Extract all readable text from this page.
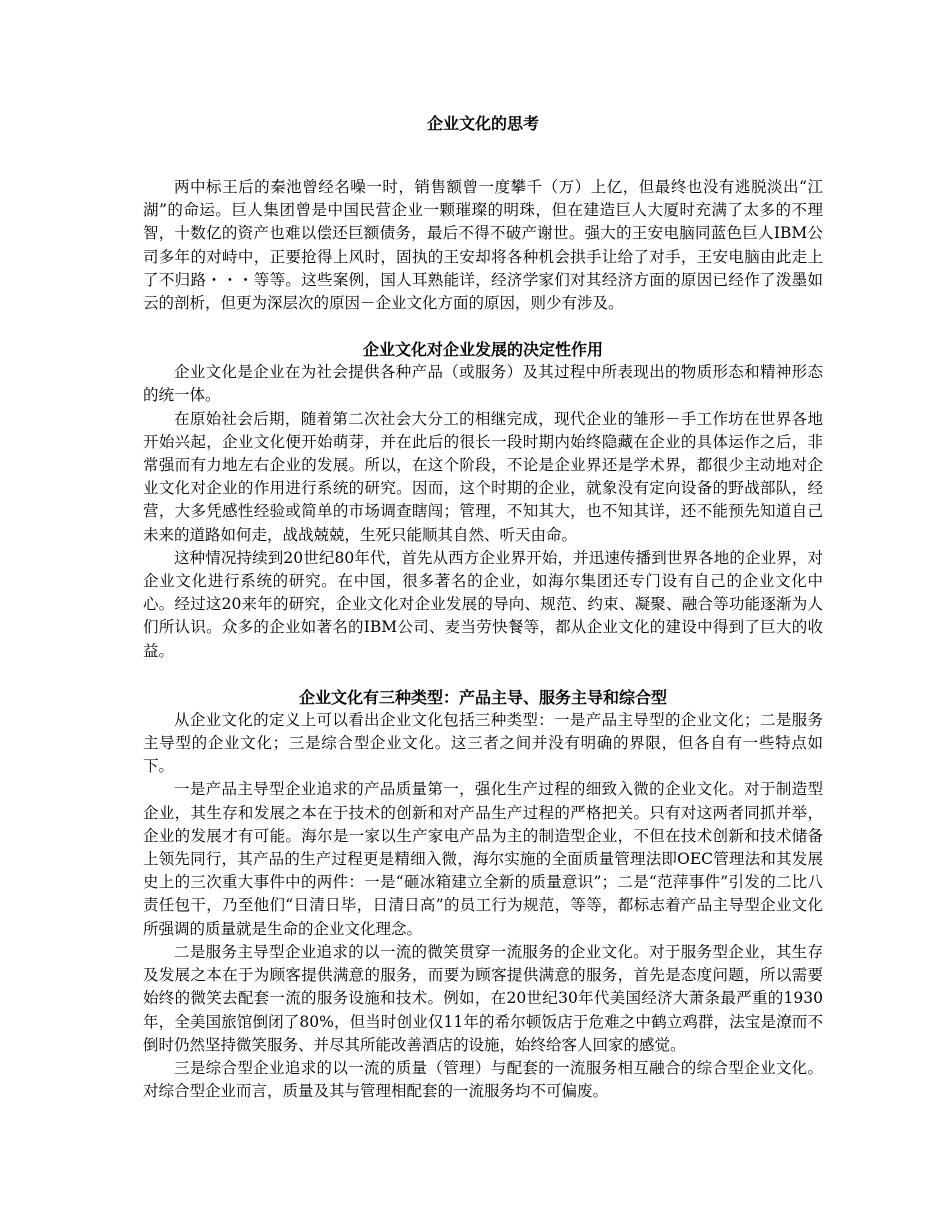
企业文化的思考

两中标王后的秦池曾经名噪一时，销售额曾一度攀千（万）上亿，但最终也没有逃脱淡出“江湖”的命运。巨人集团曾是中国民营企业一颗璀璨的明珠，但在建造巨人大厦时充满了太多的不理智，十数亿的资产也难以偿还巨额债务，最后不得不破产谢世。强大的王安电脑同蓝色巨人IBM公司多年的对峙中，正要抢得上风时，固执的王安却将各种机会拱手让给了对手，王安电脑由此走上了不归路・・・等等。这些案例，国人耳熟能详，经济学家们对其经济方面的原因已经作了泼墨如云的剖析，但更为深层次的原因－企业文化方面的原因，则少有涉及。

企业文化对企业发展的决定性作用

企业文化是企业在为社会提供各种产品（或服务）及其过程中所表现出的物质形态和精神形态的统一体。

在原始社会后期，随着第二次社会大分工的相继完成，现代企业的雏形－手工作坊在世界各地开始兴起，企业文化便开始萌芽，并在此后的很长一段时期内始终隐藏在企业的具体运作之后，非常强而有力地左右企业的发展。所以，在这个阶段，不论是企业界还是学术界，都很少主动地对企业文化对企业的作用进行系统的研究。因而，这个时期的企业，就象没有定向设备的野战部队，经营，大多凭感性经验或简单的市场调查瞎闯；管理，不知其大，也不知其详，还不能预先知道自己未来的道路如何走，战战兢兢，生死只能顺其自然、听天由命。

这种情况持续到20世纪80年代，首先从西方企业界开始，并迅速传播到世界各地的企业界，对企业文化进行系统的研究。在中国，很多著名的企业，如海尔集团还专门设有自己的企业文化中心。经过这20来年的研究，企业文化对企业发展的导向、规范、约束、凝聚、融合等功能逐渐为人们所认识。众多的企业如著名的IBM公司、麦当劳快餐等，都从企业文化的建设中得到了巨大的收益。

企业文化有三种类型：产品主导、服务主导和综合型

从企业文化的定义上可以看出企业文化包括三种类型：一是产品主导型的企业文化；二是服务主导型的企业文化；三是综合型企业文化。这三者之间并没有明确的界限，但各自有一些特点如下。

一是产品主导型企业追求的产品质量第一，强化生产过程的细致入微的企业文化。对于制造型企业，其生存和发展之本在于技术的创新和对产品生产过程的严格把关。只有对这两者同抓并举，企业的发展才有可能。海尔是一家以生产家电产品为主的制造型企业，不但在技术创新和技术储备上领先同行，其产品的生产过程更是精细入微，海尔实施的全面质量管理法即OEC管理法和其发展史上的三次重大事件中的两件：一是“砸冰箱建立全新的质量意识”；二是“范萍事件”引发的二比八责任包干，乃至他们“日清日毕，日清日高”的员工行为规范，等等，都标志着产品主导型企业文化所强调的质量就是生命的企业文化理念。

二是服务主导型企业追求的以一流的微笑贯穿一流服务的企业文化。对于服务型企业，其生存及发展之本在于为顾客提供满意的服务，而要为顾客提供满意的服务，首先是态度问题，所以需要始终的微笑去配套一流的服务设施和技术。例如，在20世纪30年代美国经济大萧条最严重的1930年，全美国旅馆倒闭了80%，但当时创业仅11年的希尔顿饭店于危难之中鹤立鸡群，法宝是潦而不倒时仍然坚持微笑服务、并尽其所能改善酒店的设施，始终给客人回家的感觉。

三是综合型企业追求的以一流的质量（管理）与配套的一流服务相互融合的综合型企业文化。对综合型企业而言，质量及其与管理相配套的一流服务均不可偏废。
